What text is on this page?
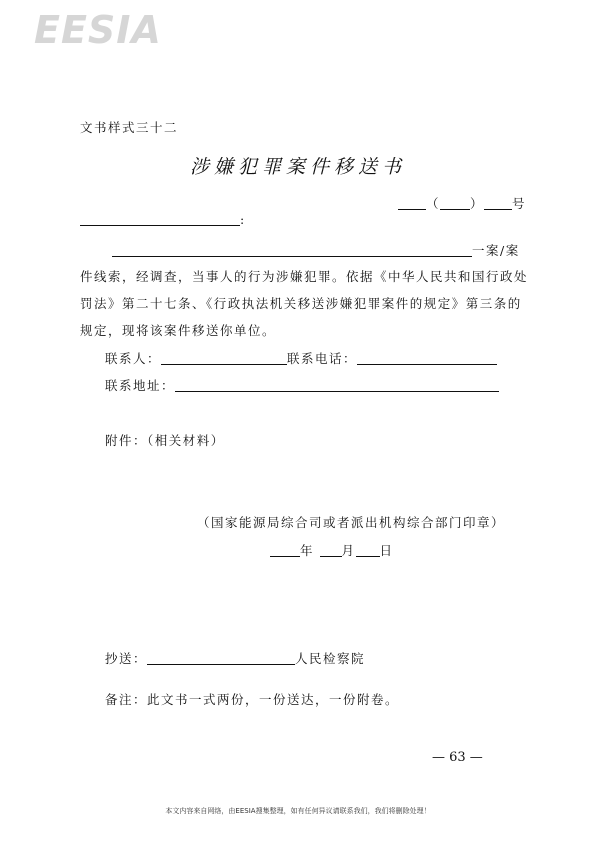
EESIA
文书样式三十二
涉嫌犯罪案件移送书
（ ） 号
:
一案/案
件线索，经调查，当事人的行为涉嫌犯罪。依据《中华人民共和国行政处
罚法》第二十七条、《行政执法机关移送涉嫌犯罪案件的规定》第三条的
规定，现将该案件移送你单位。
联系人：	联系电话：
联系地址：
附件：（相关材料）
（国家能源局综合司或者派出机构综合部门印章）
年 月 日
抄送：	人民检察院
备注：此文书一式两份，一份送达，一份附卷。
— 63 —
本文内容来自网络，由EESIA搜集整理，如有任何异议请联系我们，我们将删除处理！
